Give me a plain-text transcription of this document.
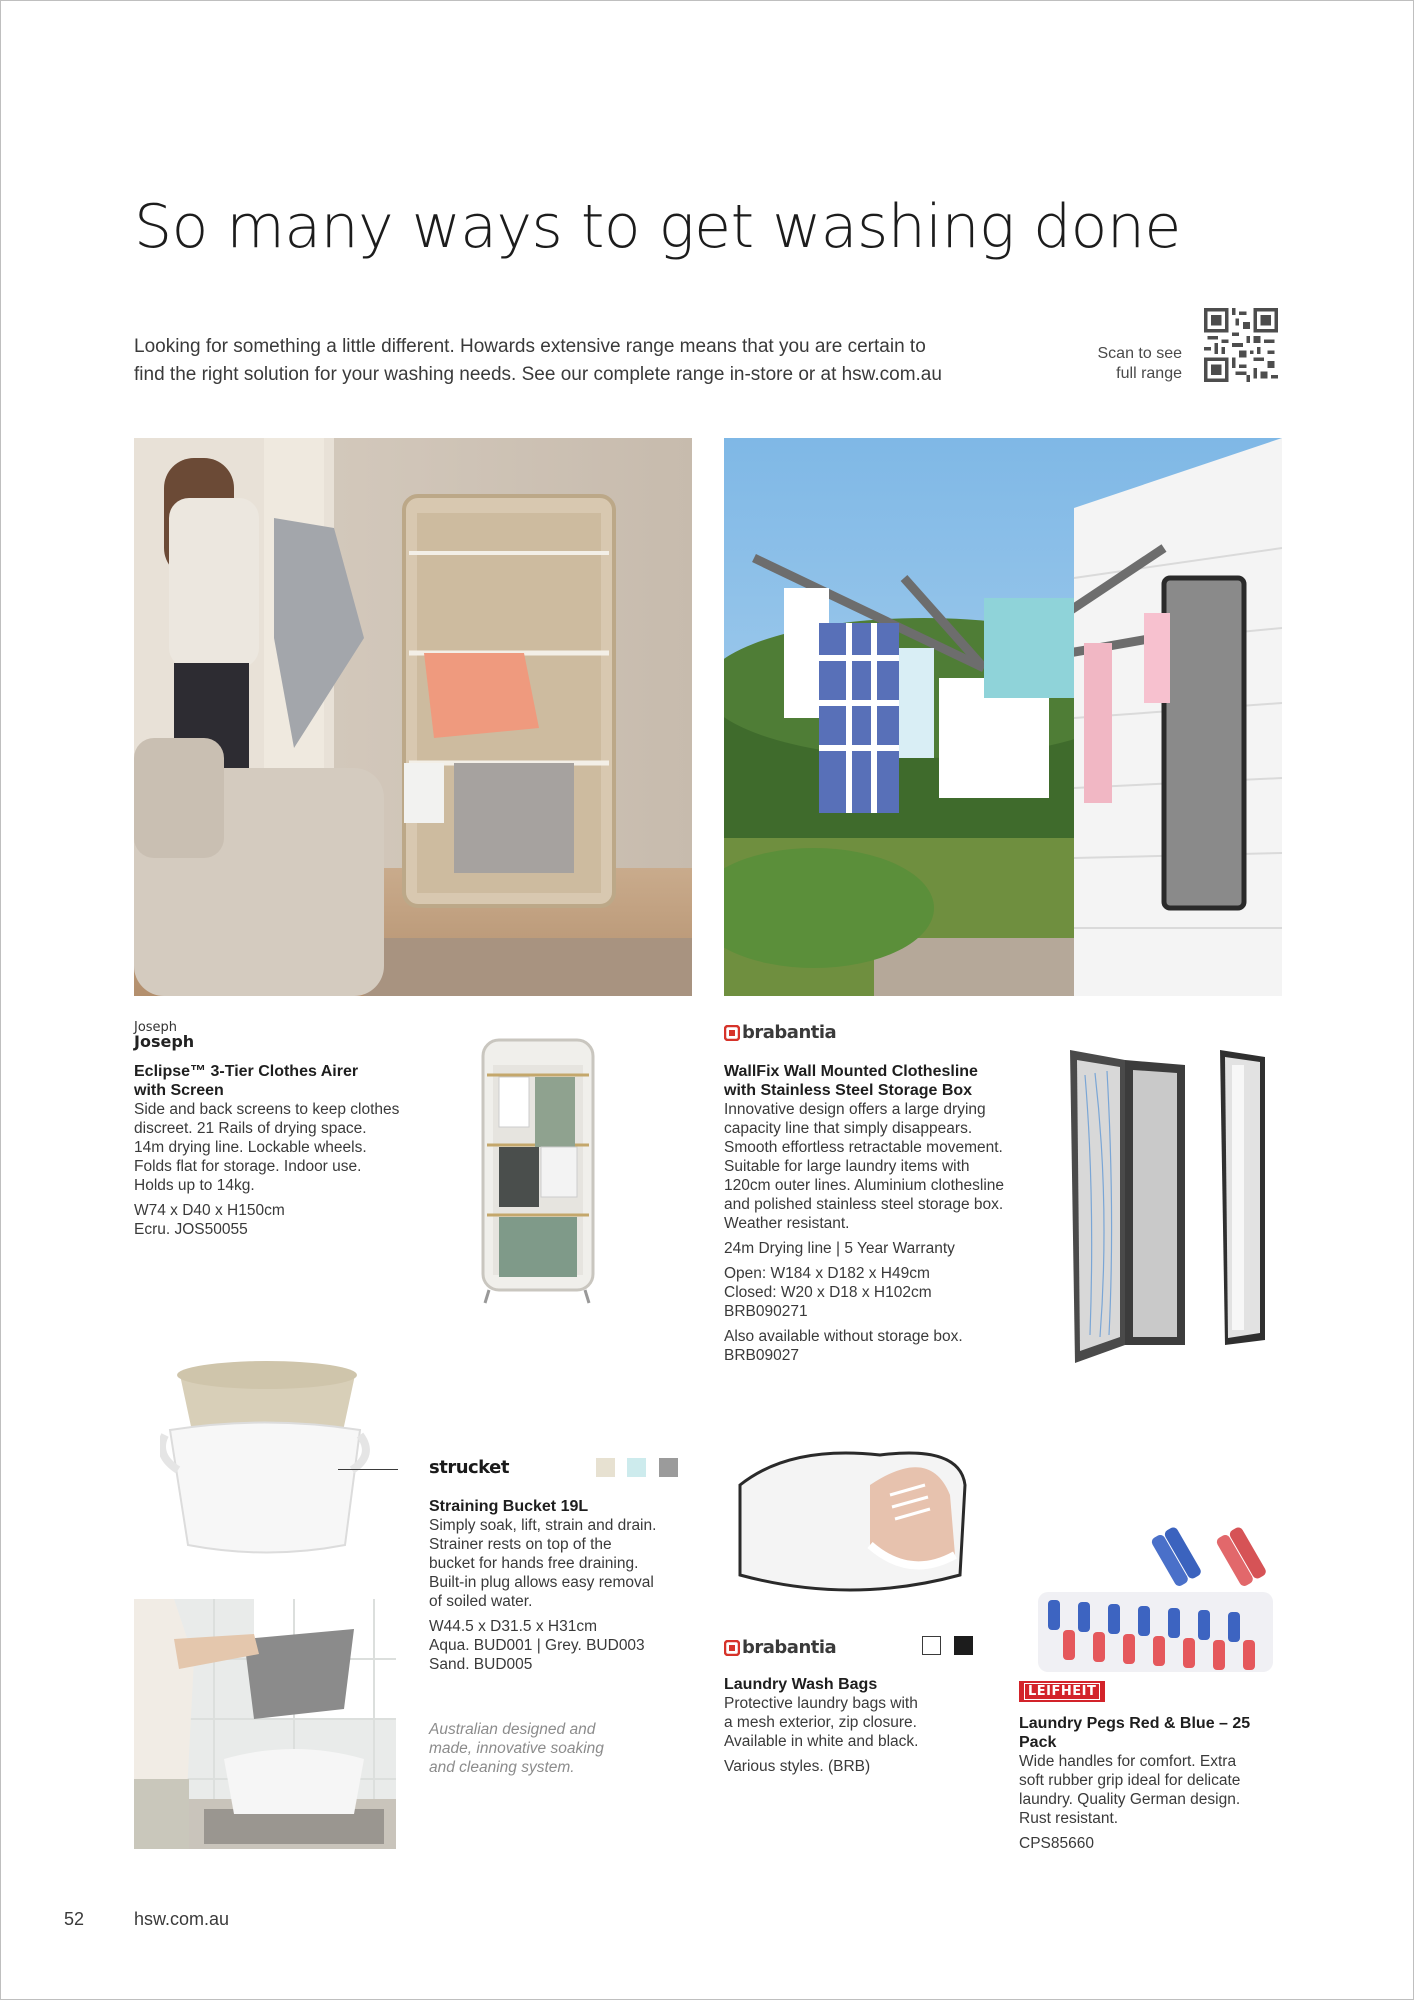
So many ways to get washing done

Looking for something a little different. Howards extensive range means that you are certain to
find the right solution for your washing needs. See our complete range in-store or at hsw.com.au

Scan to see
full range

Joseph
Joseph

Eclipse™ 3-Tier Clothes Airer
with Screen

Side and back screens to keep clothes

discreet. 21 Rails of drying space.

14m drying line. Lockable wheels.

Folds flat for storage. Indoor use.

Holds up to 14kg.

W74 x D40 x H150cm

Ecru. JOS50055

brabantia

WallFix Wall Mounted Clothesline
with Stainless Steel Storage Box

Innovative design offers a large drying

capacity line that simply disappears.

Smooth effortless retractable movement.

Suitable for large laundry items with

120cm outer lines. Aluminium clothesline

and polished stainless steel storage box.

Weather resistant.

24m Drying line | 5 Year Warranty

Open: W184 x D182 x H49cm

Closed: W20 x D18 x H102cm

BRB090271

Also available without storage box.

BRB09027

strucket

Straining Bucket 19L

Simply soak, lift, strain and drain.

Strainer rests on top of the

bucket for hands free draining.

Built-in plug allows easy removal

of soiled water.

W44.5 x D31.5 x H31cm

Aqua. BUD001 | Grey. BUD003

Sand. BUD005

Australian designed and

made, innovative soaking

and cleaning system.

brabantia

Laundry Wash Bags

Protective laundry bags with

a mesh exterior, zip closure.

Available in white and black.

Various styles. (BRB)

LEIFHEIT

Laundry Pegs Red & Blue – 25 Pack

Wide handles for comfort. Extra

soft rubber grip ideal for delicate

laundry. Quality German design.

Rust resistant.

CPS85660

52	hsw.com.au
